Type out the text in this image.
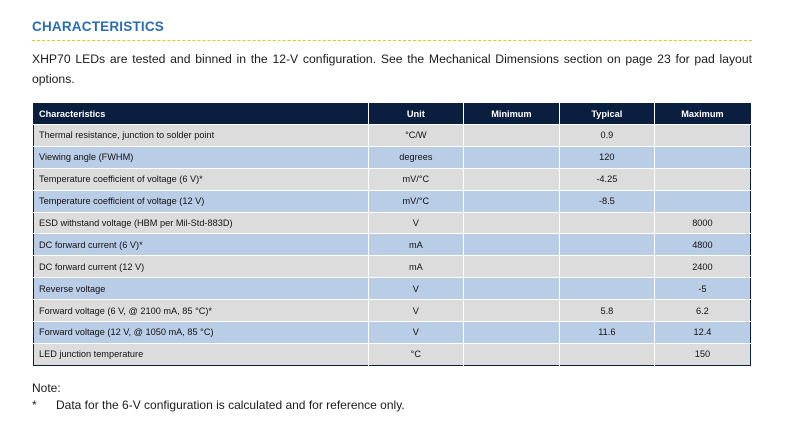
CHARACTERISTICS
XHP70 LEDs are tested and binned in the 12-V configuration. See the Mechanical Dimensions section on page 23 for pad layout options.
Characteristics	Unit	Minimum	Typical	Maximum
Thermal resistance, junction to solder point	°C/W		0.9	
Viewing angle (FWHM)	degrees		120	
Temperature coefficient of voltage (6 V)*	mV/°C		-4.25	
Temperature coefficient of voltage (12 V)	mV/°C		-8.5	
ESD withstand voltage (HBM per Mil-Std-883D)	V			8000
DC forward current (6 V)*	mA			4800
DC forward current (12 V)	mA			2400
Reverse voltage	V			-5
Forward voltage (6 V, @ 2100 mA, 85 °C)*	V		5.8	6.2
Forward voltage (12 V, @ 1050 mA, 85 °C)	V		11.6	12.4
LED junction temperature	°C			150
Note:
* Data for the 6-V configuration is calculated and for reference only.
